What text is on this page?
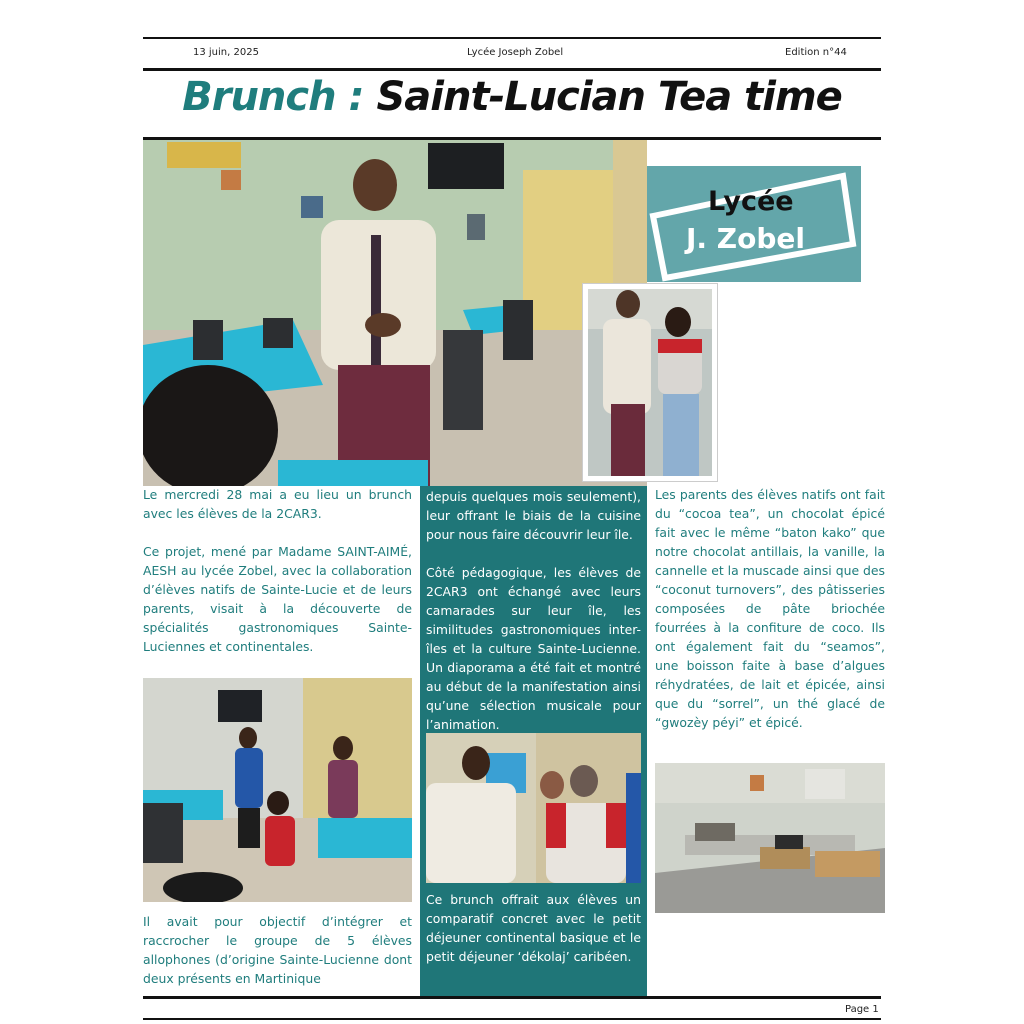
13 juin, 2025	Lycée Joseph Zobel	Edition n°44
Brunch : Saint-Lucian Tea time
Lycée
J. Zobel

Le mercredi 28 mai a eu lieu un brunch avec les élèves de la 2CAR3.

Ce projet, mené par Madame SAINT-AIMÉ, AESH au lycée Zobel, avec la collaboration d’élèves natifs de Sainte-Lucie et de leurs parents, visait à la découverte de spécialités gastronomiques Sainte-Luciennes et continentales.

Il avait pour objectif d’intégrer et raccrocher le groupe de 5 élèves allophones (d’origine Sainte-Lucienne dont deux présents en Martinique

depuis quelques mois seulement), leur offrant le biais de la cuisine pour nous faire découvrir leur île.

Côté pédagogique, les élèves de 2CAR3 ont échangé avec leurs camarades sur leur île, les similitudes gastronomiques inter-îles et la culture Sainte-Lucienne. Un diaporama a été fait et montré au début de la manifestation ainsi qu’une sélection musicale pour l’animation.

Ce brunch offrait aux élèves un comparatif concret avec le petit déjeuner continental basique et le petit déjeuner ‘dékolaj’ caribéen.

Les parents des élèves natifs ont fait du “cocoa tea”, un chocolat épicé fait avec le même “baton kako” que notre chocolat antillais, la vanille, la cannelle et la muscade ainsi que des “coconut turnovers”, des pâtisseries composées de pâte briochée fourrées à la confiture de coco. Ils ont également fait du “seamos”, une boisson faite à base d’algues réhydratées, de lait et épicée, ainsi que du “sorrel”, un thé glacé de “gwozèy péyi” et épicé.

Page 1
